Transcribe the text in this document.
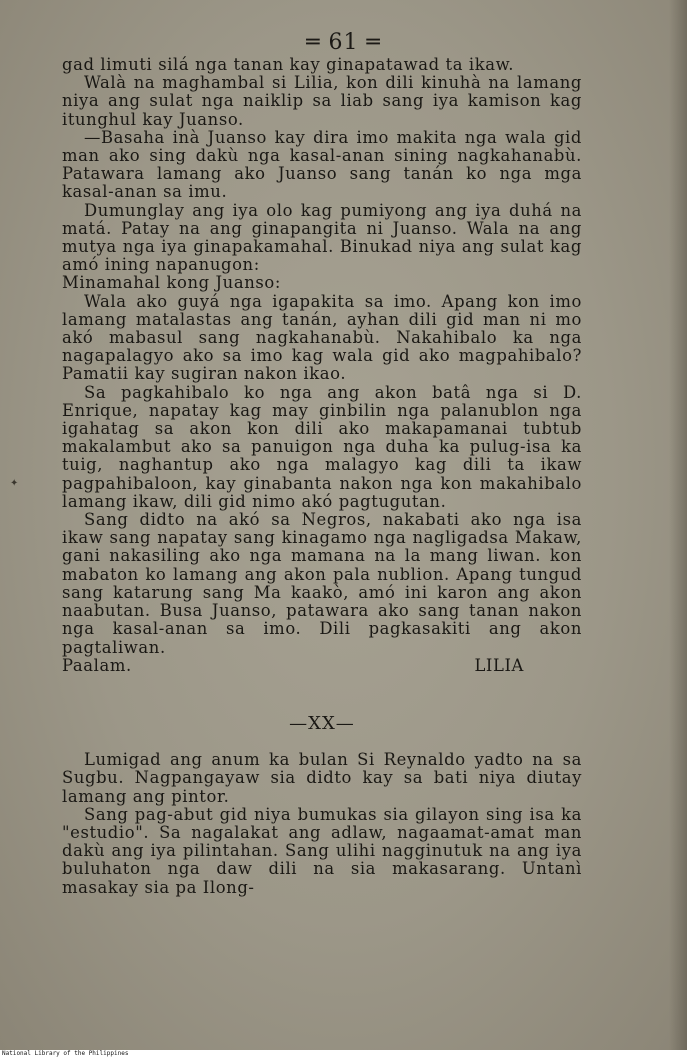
✦

═ 61 ═

gad limuti silá nga tanan kay ginapatawad ta ikaw.

Walà na maghambal si Lilia, kon dili kinuhà na lamang niya ang sulat nga naiklip sa liab sang iya kamison kag itunghul kay Juanso.

—Basaha inà Juanso kay dira imo makita nga wala gid man ako sing dakù nga kasal-anan sining nagkahanabù. Patawara lamang ako Juanso sang tanán ko nga mga kasal-anan sa imu.

Dumunglay ang iya olo kag pumiyong ang iya duhá na matá. Patay na ang ginapangita ni Juanso. Wala na ang mutya nga iya ginapakamahal. Binukad niya ang sulat kag amó ining napanugon:

Minamahal kong Juanso:

Wala ako guyá nga igapakita sa imo. Apang kon imo lamang matalastas ang tanán, ayhan dili gid man ni mo akó mabasul sang nagkahanabù. Nakahibalo ka nga nagapalagyo ako sa imo kag wala gid ako magpahibalo? Pamatii kay sugiran nakon ikao.

Sa pagkahibalo ko nga ang akon batâ nga si D. Enrique, napatay kag may ginbilin nga palanublon nga igahatag sa akon kon dili ako makapamanai tubtub makalambut ako sa panuigon nga duha ka pulug-isa ka tuig, naghantup ako nga malagyo kag dili ta ikaw pagpahibaloon, kay ginabanta nakon nga kon makahibalo lamang ikaw, dili gid nimo akó pagtugutan.

Sang didto na akó sa Negros, nakabati ako nga isa ikaw sang napatay sang kinagamo nga nagligadsa Makaw, gani nakasiling ako nga mamana na la mang liwan. kon mabaton ko lamang ang akon pala nublion. Apang tungud sang katarung sang Ma kaakò, amó ini karon ang akon naabutan. Busa Juanso, patawara ako sang tanan nakon nga kasal-anan sa imo. Dili pagkasakiti ang akon pagtaliwan.

Paalam.	LILIA

—XX—

Lumigad ang anum ka bulan Si Reynaldo yadto na sa Sugbu. Nagpangayaw sia didto kay sa bati niya diutay lamang ang pintor.

Sang pag-abut gid niya bumukas sia gilayon sing isa ka "estudio". Sa nagalakat ang adlaw, nagaamat-amat man dakù ang iya pilintahan. Sang ulihi nagginutuk na ang iya buluhaton nga daw dili na sia makasarang. Untanì masakay sia pa Ilong-

National Library of the Philippines
